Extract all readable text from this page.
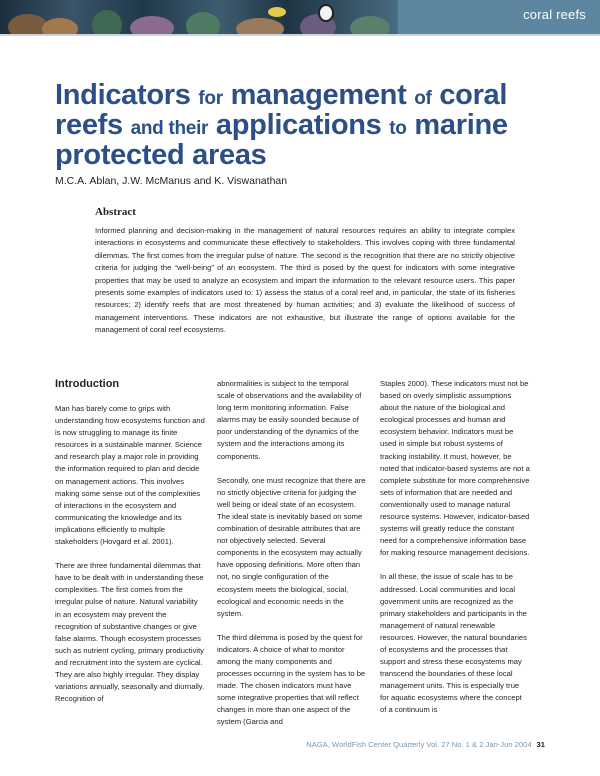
coral reefs
Indicators for management of coral reefs and their applications to marine protected areas
M.C.A. Ablan, J.W. McManus and K. Viswanathan
Abstract

Informed planning and decision-making in the management of natural resources requires an ability to integrate complex interactions in ecosystems and communicate these effectively to stakeholders. This involves coping with three fundamental dilemmas. The first comes from the irregular pulse of nature. The second is the recognition that there are no strictly objective criteria for judging the “well-being” of an ecosystem. The third is posed by the quest for indicators with some integrative properties that may be used to analyze an ecosystem and impart the information to the relevant resource users. This paper presents some examples of indicators used to: 1) assess the status of a coral reef and, in particular, the state of its fisheries resources; 2) identify reefs that are most threatened by human activities; and 3) evaluate the likelihood of success of management interventions. These indicators are not exhaustive, but illustrate the range of options available for the management of coral reef ecosystems.

Introduction

Man has barely come to grips with understanding how ecosystems function and is now struggling to manage its finite resources in a sustainable manner. Science and research play a major role in providing the information required to plan and decide on management actions. This involves making some sense out of the complexities of interactions in the ecosystem and communicating the knowledge and its implications efficiently to multiple stakeholders (Hovgard et al. 2001).

There are three fundamental dilemmas that have to be dealt with in understanding these complexities. The first comes from the irregular pulse of nature. Natural variability in an ecosystem may prevent the recognition of substantive changes or give false alarms. Though ecosystem processes such as nutrient cycling, primary productivity and recruitment into the system are cyclical. They are also highly irregular. They display variations annually, seasonally and diurnally. Recognition of

abnormalities is subject to the temporal scale of observations and the availability of long term monitoring information. False alarms may be easily sounded because of poor understanding of the dynamics of the system and the interactions among its components.

Secondly, one must recognize that there are no strictly objective criteria for judging the well being or ideal state of an ecosystem. The ideal state is inevitably based on some combination of desirable attributes that are not objectively selected. Several components in the ecosystem may actually have opposing definitions. More often than not, no single configuration of the ecosystem meets the biological, social, ecological and economic needs in the system.

The third dilemma is posed by the quest for indicators. A choice of what to monitor among the many components and processes occurring in the system has to be made. The chosen indicators must have some integrative properties that will reflect changes in more than one aspect of the system (Garcia and

Staples 2000). These indicators must not be based on overly simplistic assumptions about the nature of the biological and ecological processes and human and ecosystem behavior. Indicators must be used in simple but robust systems of tracking instability. It must, however, be noted that indicator-based systems are not a complete substitute for more comprehensive sets of information that are needed and conventionally used to manage natural resource systems. However, indicator-based systems will greatly reduce the constant need for a comprehensive information base for making resource management decisions.

In all these, the issue of scale has to be addressed. Local communities and local government units are recognized as the primary stakeholders and participants in the management of natural renewable resources. However, the natural boundaries of ecosystems and the processes that support and stress these ecosystems may transcend the boundaries of these local management units. This is especially true for aquatic ecosystems where the concept of a continuum is

NAGA, WorldFish Center Quarterly Vol. 27 No. 1 & 2 Jan-Jun 2004 31
